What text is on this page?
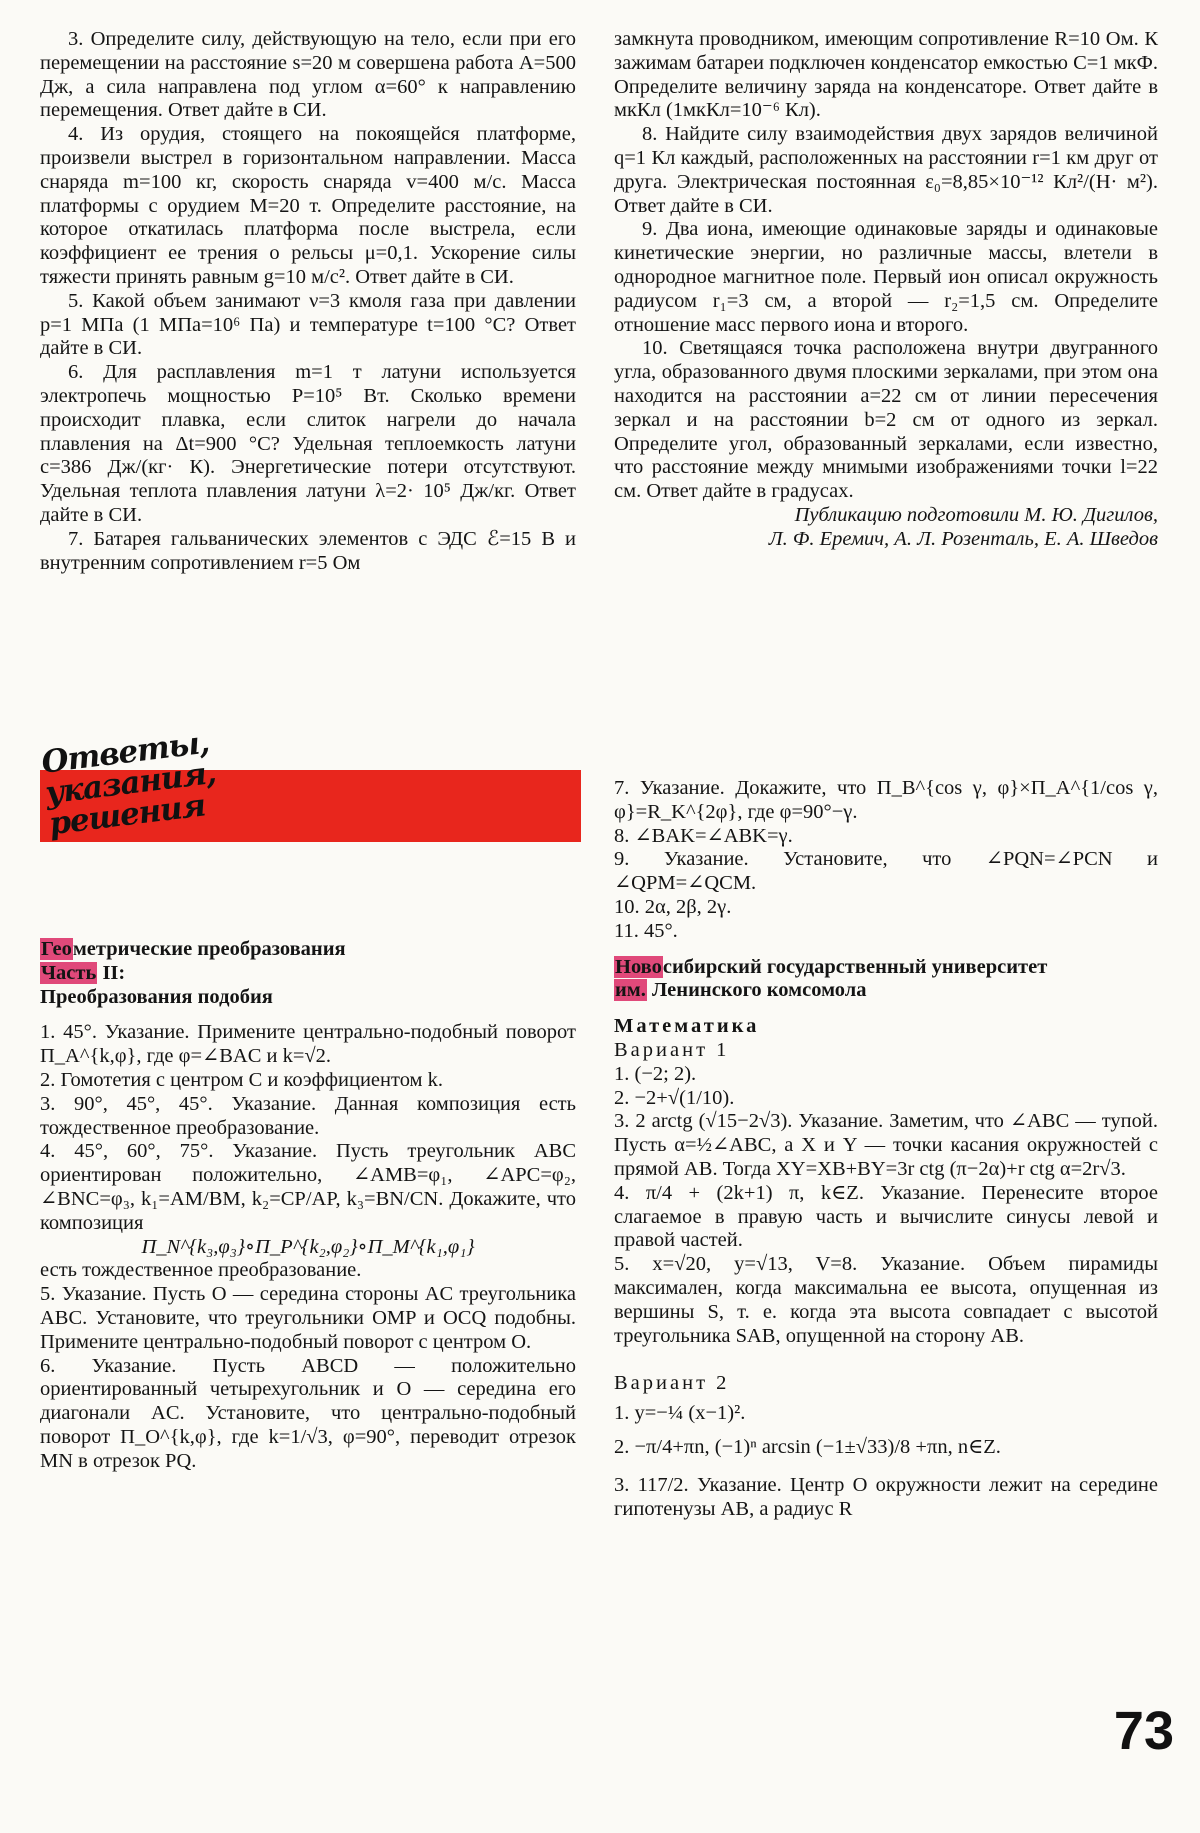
3. Определите силу, действующую на тело, если при его перемещении на расстояние s=20 м совершена работа A=500 Дж, а сила направлена под углом α=60° к направлению перемещения. Ответ дайте в СИ.

4. Из орудия, стоящего на покоящейся платформе, произвели выстрел в горизонтальном направлении. Масса снаряда m=100 кг, скорость снаряда v=400 м/с. Масса платформы с орудием M=20 т. Определите расстояние, на которое откатилась платформа после выстрела, если коэффициент ее трения о рельсы μ=0,1. Ускорение силы тяжести принять равным g=10 м/c². Ответ дайте в СИ.

5. Какой объем занимают ν=3 кмоля газа при давлении p=1 МПа (1 МПа=10⁶ Па) и температуре t=100 °С? Ответ дайте в СИ.

6. Для расплавления m=1 т латуни используется электропечь мощностью P=10⁵ Вт. Сколько времени происходит плавка, если слиток нагрели до начала плавления на Δt=900 °С? Удельная теплоемкость латуни c=386 Дж/(кг· К). Энергетические потери отсутствуют. Удельная теплота плавления латуни λ=2· 10⁵ Дж/кг. Ответ дайте в СИ.

7. Батарея гальванических элементов с ЭДС ℰ=15 В и внутренним сопротивлением r=5 Ом

замкнута проводником, имеющим сопротивление R=10 Ом. К зажимам батареи подключен конденсатор емкостью C=1 мкФ. Определите величину заряда на конденсаторе. Ответ дайте в мкКл (1мкКл=10⁻⁶ Кл).

8. Найдите силу взаимодействия двух зарядов величиной q=1 Кл каждый, расположенных на расстоянии r=1 км друг от друга. Электрическая постоянная ε₀=8,85×10⁻¹² Кл²/(Н· м²). Ответ дайте в СИ.

9. Два иона, имеющие одинаковые заряды и одинаковые кинетические энергии, но различные массы, влетели в однородное магнитное поле. Первый ион описал окружность радиусом r₁=3 см, а второй — r₂=1,5 см. Определите отношение масс первого иона и второго.

10. Светящаяся точка расположена внутри двугранного угла, образованного двумя плоскими зеркалами, при этом она находится на расстоянии a=22 см от линии пересечения зеркал и на расстоянии b=2 см от одного из зеркал. Определите угол, образованный зеркалами, если известно, что расстояние между мнимыми изображениями точки l=22 см. Ответ дайте в градусах.

Публикацию подготовили М. Ю. Дигилов,

Л. Ф. Еремич, А. Л. Розенталь, Е. А. Шведов

Ответы,
указания,
решения

Геометрические преобразования

Часть II:

Преобразования подобия

1. 45°. Указание. Примените центрально-подобный поворот Π_A^{k,φ}, где φ=∠BAC и k=√2.

2. Гомотетия с центром C и коэффициентом k.

3. 90°, 45°, 45°. Указание. Данная композиция есть тождественное преобразование.

4. 45°, 60°, 75°. Указание. Пусть треугольник ABC ориентирован положительно, ∠AMB=φ₁, ∠APC=φ₂, ∠BNC=φ₃, k₁=AM/BM, k₂=CP/AP, k₃=BN/CN. Докажите, что композиция

Π_N^{k₃,φ₃}∘Π_P^{k₂,φ₂}∘Π_M^{k₁,φ₁}

есть тождественное преобразование.

5. Указание. Пусть O — середина стороны AC треугольника ABC. Установите, что треугольники OMP и OCQ подобны. Примените центрально-подобный поворот с центром O.

6. Указание. Пусть ABCD — положительно ориентированный четырехугольник и O — середина его диагонали AC. Установите, что центрально-подобный поворот Π_O^{k,φ}, где k=1/√3, φ=90°, переводит отрезок MN в отрезок PQ.

7. Указание. Докажите, что Π_B^{cos γ, φ}×Π_A^{1/cos γ, φ}=R_K^{2φ}, где φ=90°−γ.

8. ∠BAK=∠ABK=γ.

9. Указание. Установите, что ∠PQN=∠PCN и ∠QPM=∠QCM.

10. 2α, 2β, 2γ.

11. 45°.

Новосибирский государственный университет

им. Ленинского комсомола

Математика

Вариант 1

1. (−2; 2).

2. −2+√(1/10).

3. 2 arctg (√15−2√3). Указание. Заметим, что ∠ABC — тупой. Пусть α=½∠ABC, а X и Y — точки касания окружностей с прямой AB. Тогда XY=XB+BY=3r ctg (π−2α)+r ctg α=2r√3.

4. π/4 + (2k+1) π, k∈Z. Указание. Перенесите второе слагаемое в правую часть и вычислите синусы левой и правой частей.

5. x=√20, y=√13, V=8. Указание. Объем пирамиды максимален, когда максимальна ее высота, опущенная из вершины S, т. е. когда эта высота совпадает с высотой треугольника SAB, опущенной на сторону AB.

Вариант 2

1. y=−¼ (x−1)².

2. −π/4+πn, (−1)ⁿ arcsin (−1±√33)/8 +πn, n∈Z.

3. 117/2. Указание. Центр O окружности лежит на середине гипотенузы AB, а радиус R

73
